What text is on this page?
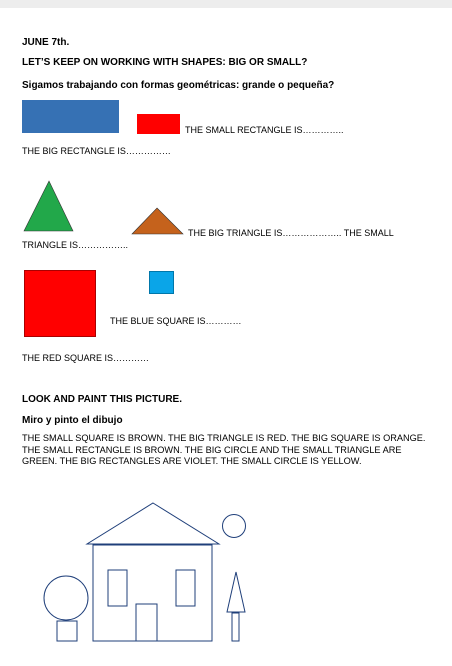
JUNE 7th.
LET’S KEEP ON WORKING WITH SHAPES: BIG OR SMALL?
Sigamos trabajando con formas geométricas: grande o pequeña?
THE SMALL RECTANGLE IS…………..
THE BIG RECTANGLE IS……………
THE BIG TRIANGLE IS……………….. THE SMALL
TRIANGLE IS……………..
THE BLUE SQUARE IS…………
THE RED SQUARE IS…………
LOOK AND PAINT THIS PICTURE.
Miro y pinto el dibujo
THE SMALL SQUARE IS BROWN. THE BIG TRIANGLE IS RED. THE BIG SQUARE IS ORANGE. THE SMALL RECTANGLE IS BROWN. THE BIG CIRCLE AND THE SMALL TRIANGLE ARE GREEN. THE BIG RECTANGLES ARE VIOLET. THE SMALL CIRCLE IS YELLOW.
